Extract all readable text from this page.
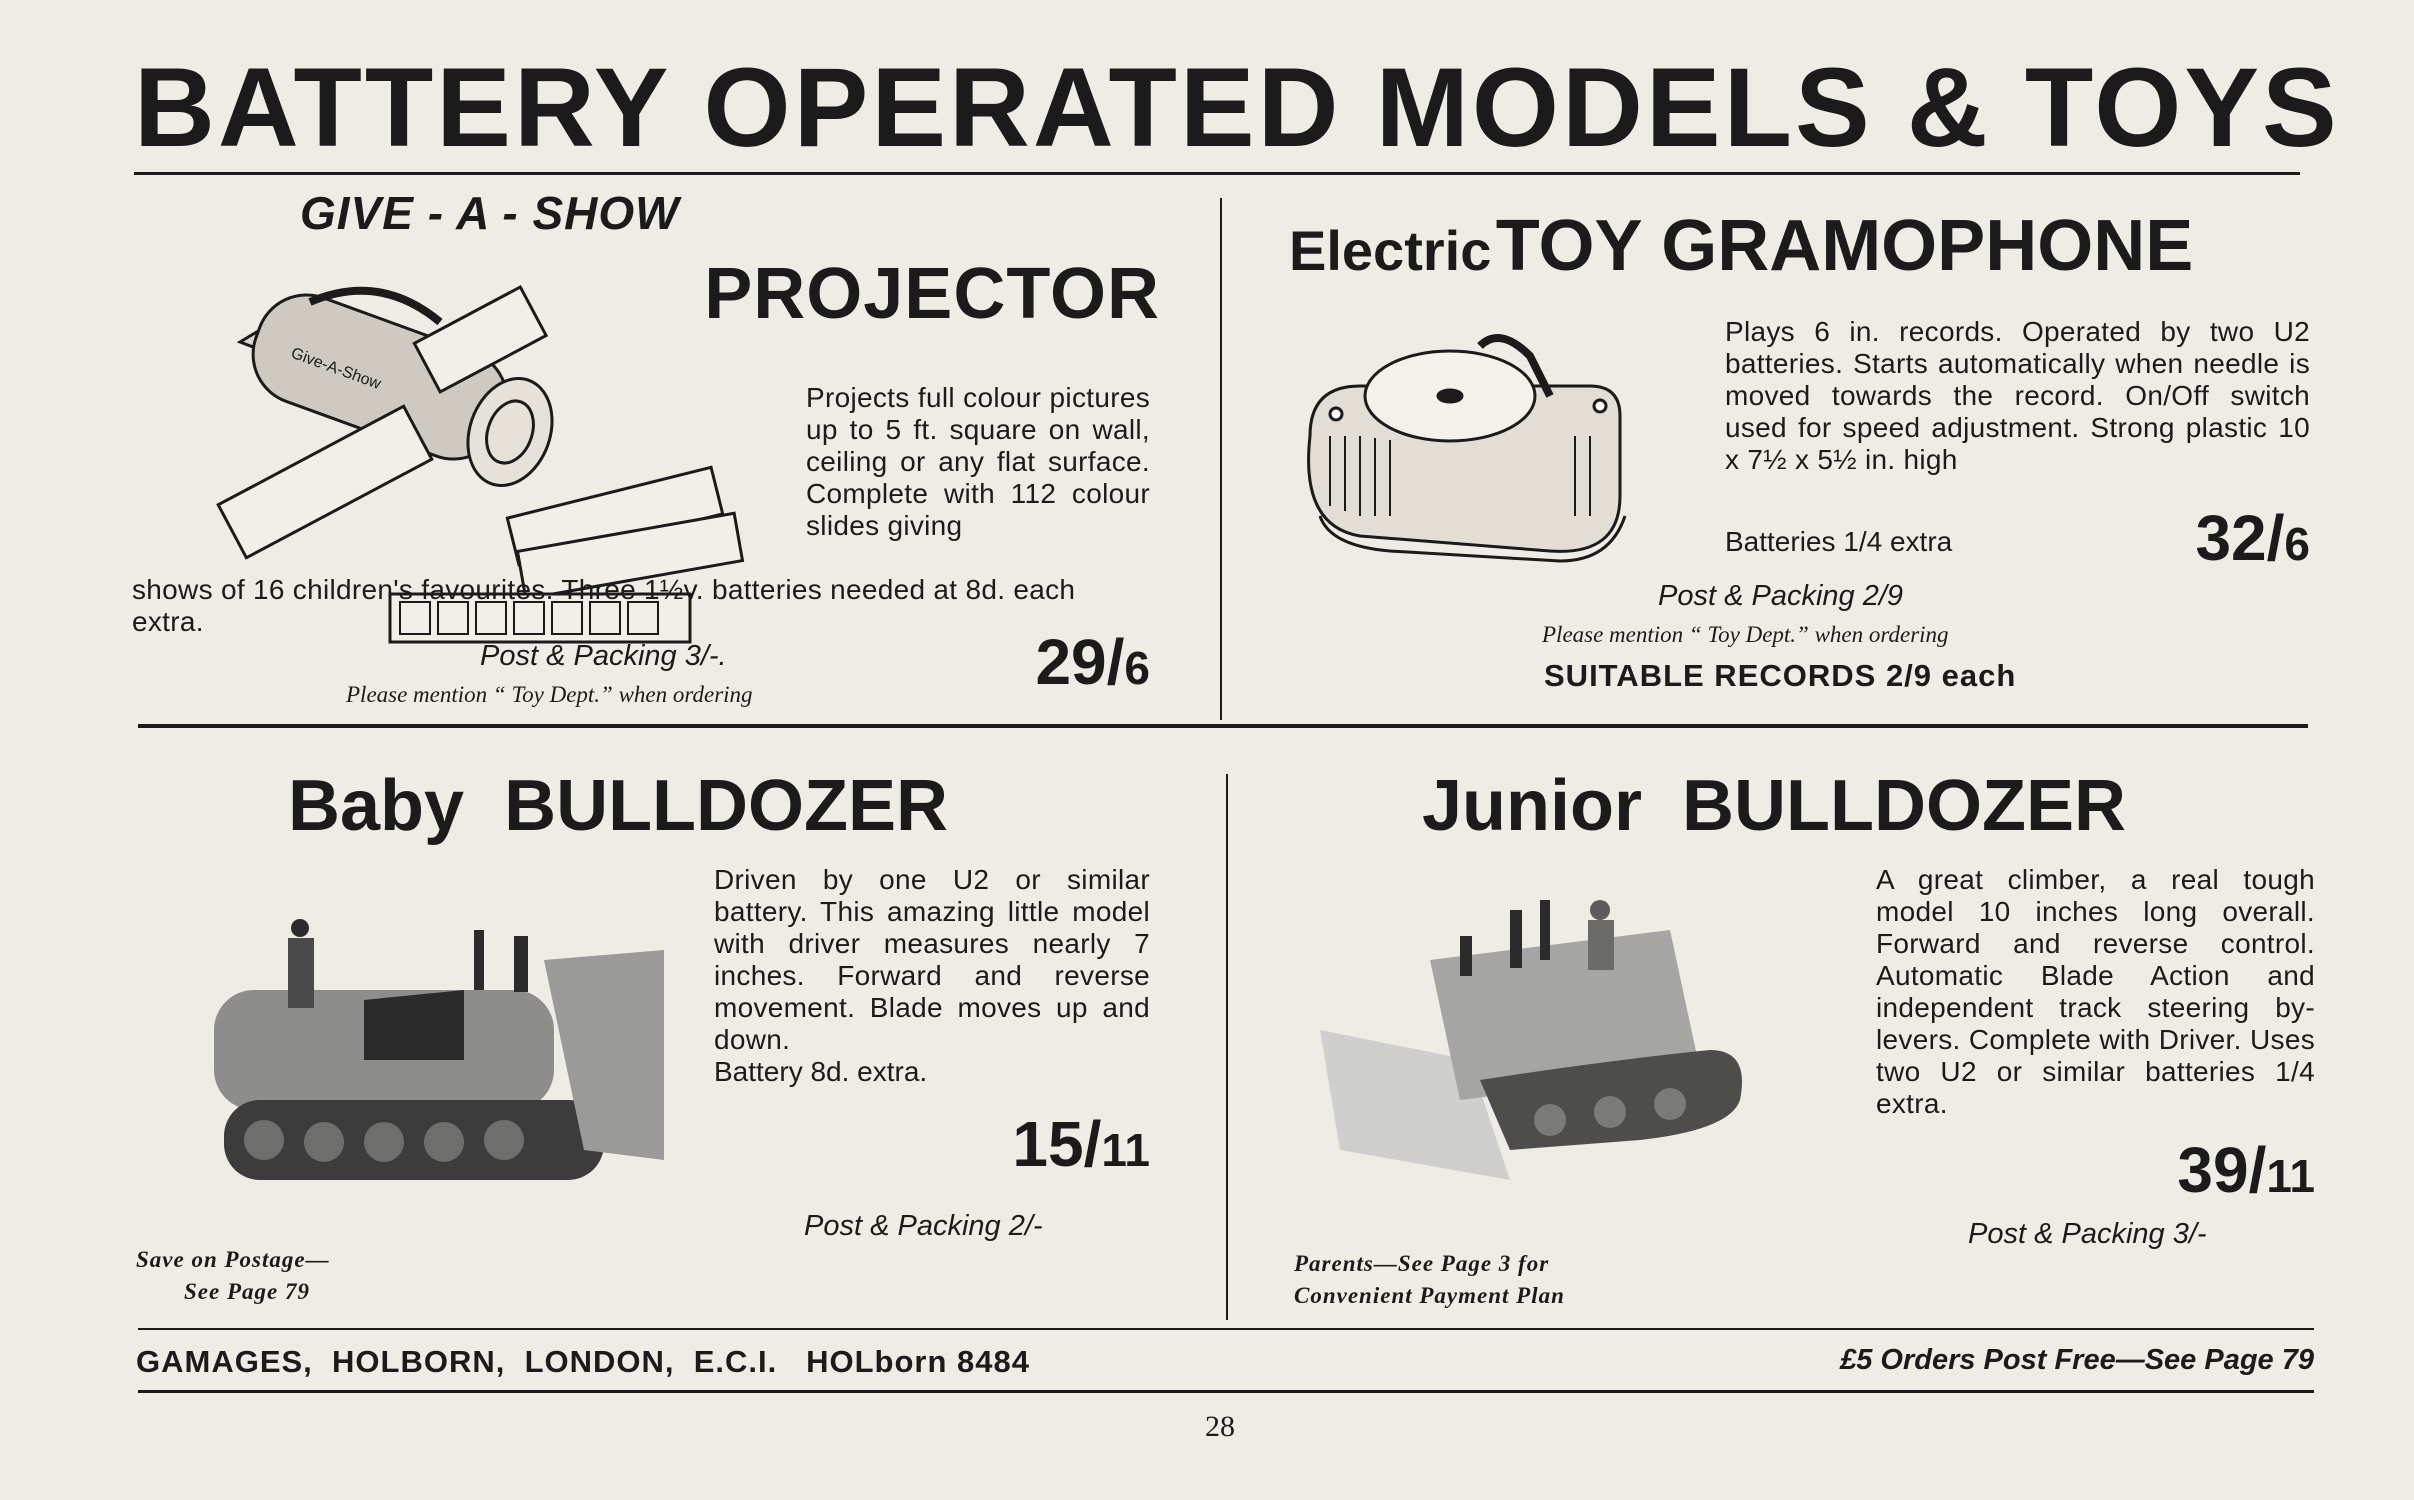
BATTERY OPERATED MODELS & TOYS
GIVE - A - SHOW
PROJECTOR
Give-A-Show
Projects full colour pictures up to 5 ft. square on wall, ceiling or any flat surface. Complete with 112 colour slides giving
shows of 16 children's favourites. Three 1½v. batteries needed at 8d. each extra.
Post & Packing 3/-.
Please mention “ Toy Dept.” when ordering	29/6
Electric TOY GRAMOPHONE
Plays 6 in. records. Operated by two U2 batteries. Starts automatically when needle is moved towards the record. On/Off switch used for speed adjustment. Strong plastic 10 x 7½ x 5½ in. high
Batteries 1/4 extra	32/6
Post & Packing 2/9
Please mention “ Toy Dept.” when ordering
SUITABLE RECORDS 2/9 each
Baby  BULLDOZER
Driven by one U2 or similar battery. This amazing little model with driver measures nearly 7 inches. Forward and reverse movement. Blade moves up and down.
Battery 8d. extra.
15/11
Post & Packing 2/-
Save on Postage—
See Page 79
Junior  BULLDOZER
A great climber, a real tough model 10 inches long overall. Forward and reverse control. Automatic Blade Action and independent track steering by-levers. Complete with Driver. Uses two U2 or similar batteries 1/4 extra.
39/11
Post & Packing 3/-
Parents—See Page 3 for
Convenient Payment Plan
GAMAGES,  HOLBORN,  LONDON,  E.C.I.   HOLborn 8484	£5 Orders Post Free—See Page 79
28
